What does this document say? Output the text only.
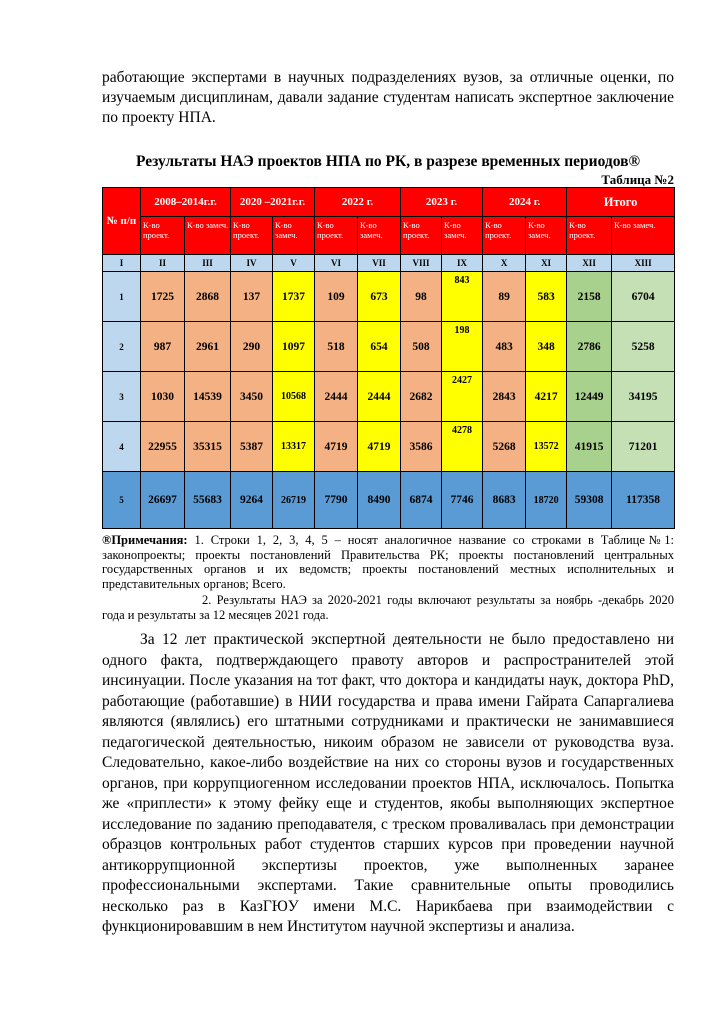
работающие экспертами в научных подразделениях вузов, за отличные оценки, по изучаемым дисциплинам, давали задание студентам написать экспертное заключение по проекту НПА.

Результаты НАЭ проектов НПА по РК, в разрезе временных периодов®

Таблица №2

№ п/п	2008–2014г.г.		2020 –2021г.г.		2022 г.		2023 г.		2024 г.		Итого	
	К-во проект.	К-во замеч.	К-во проект.	К-во замеч.	К-во проект.	К-во замеч.	К-во проект.	К-во замеч.	К-во проект.	К-во замеч.	К-во проект.	К-во замеч.
I	II	III	IV	V	VI	VII	VIII	IX	X	XI	XII	XIII
1	1725	2868	137	1737	109	673	98	843	89	583	2158	6704
2	987	2961	290	1097	518	654	508	198	483	348	2786	5258
3	1030	14539	3450	10568	2444	2444	2682	2427	2843	4217	12449	34195
4	22955	35315	5387	13317	4719	4719	3586	4278	5268	13572	41915	71201
5	26697	55683	9264	26719	7790	8490	6874	7746	8683	18720	59308	117358

®Примечания: 1. Строки 1, 2, 3, 4, 5 – носят аналогичное название со строками в Таблице№1: законопроекты; проекты постановлений Правительства РК; проекты постановлений центральных государственных органов и их ведомств; проекты постановлений местных исполнительных и представительных органов; Всего.

2. Результаты НАЭ за 2020-2021 годы включают результаты за ноябрь -декабрь 2020 года и результаты за 12 месяцев 2021 года.

За 12 лет практической экспертной деятельности не было предоставлено ни одного факта, подтверждающего правоту авторов и распространителей этой инсинуации. После указания на тот факт, что доктора и кандидаты наук, доктора PhD, работающие (работавшие) в НИИ государства и права имени Гайрата Сапаргалиева являются (являлись) его штатными сотрудниками и практически не занимавшиеся педагогической деятельностью, никоим образом не зависели от руководства вуза. Следовательно, какое-либо воздействие на них со стороны вузов и государственных органов, при коррупциогенном исследовании проектов НПА, исключалось. Попытка же «приплести» к этому фейку еще и студентов, якобы выполняющих экспертное исследование по заданию преподавателя, с треском проваливалась при демонстрации образцов контрольных работ студентов старших курсов при проведении научной антикоррупционной экспертизы проектов, уже выполненных заранее профессиональными экспертами. Такие сравнительные опыты проводились несколько раз в КазГЮУ имени М.С. Нарикбаева при взаимодействии с функционировавшим в нем Институтом научной экспертизы и анализа.
